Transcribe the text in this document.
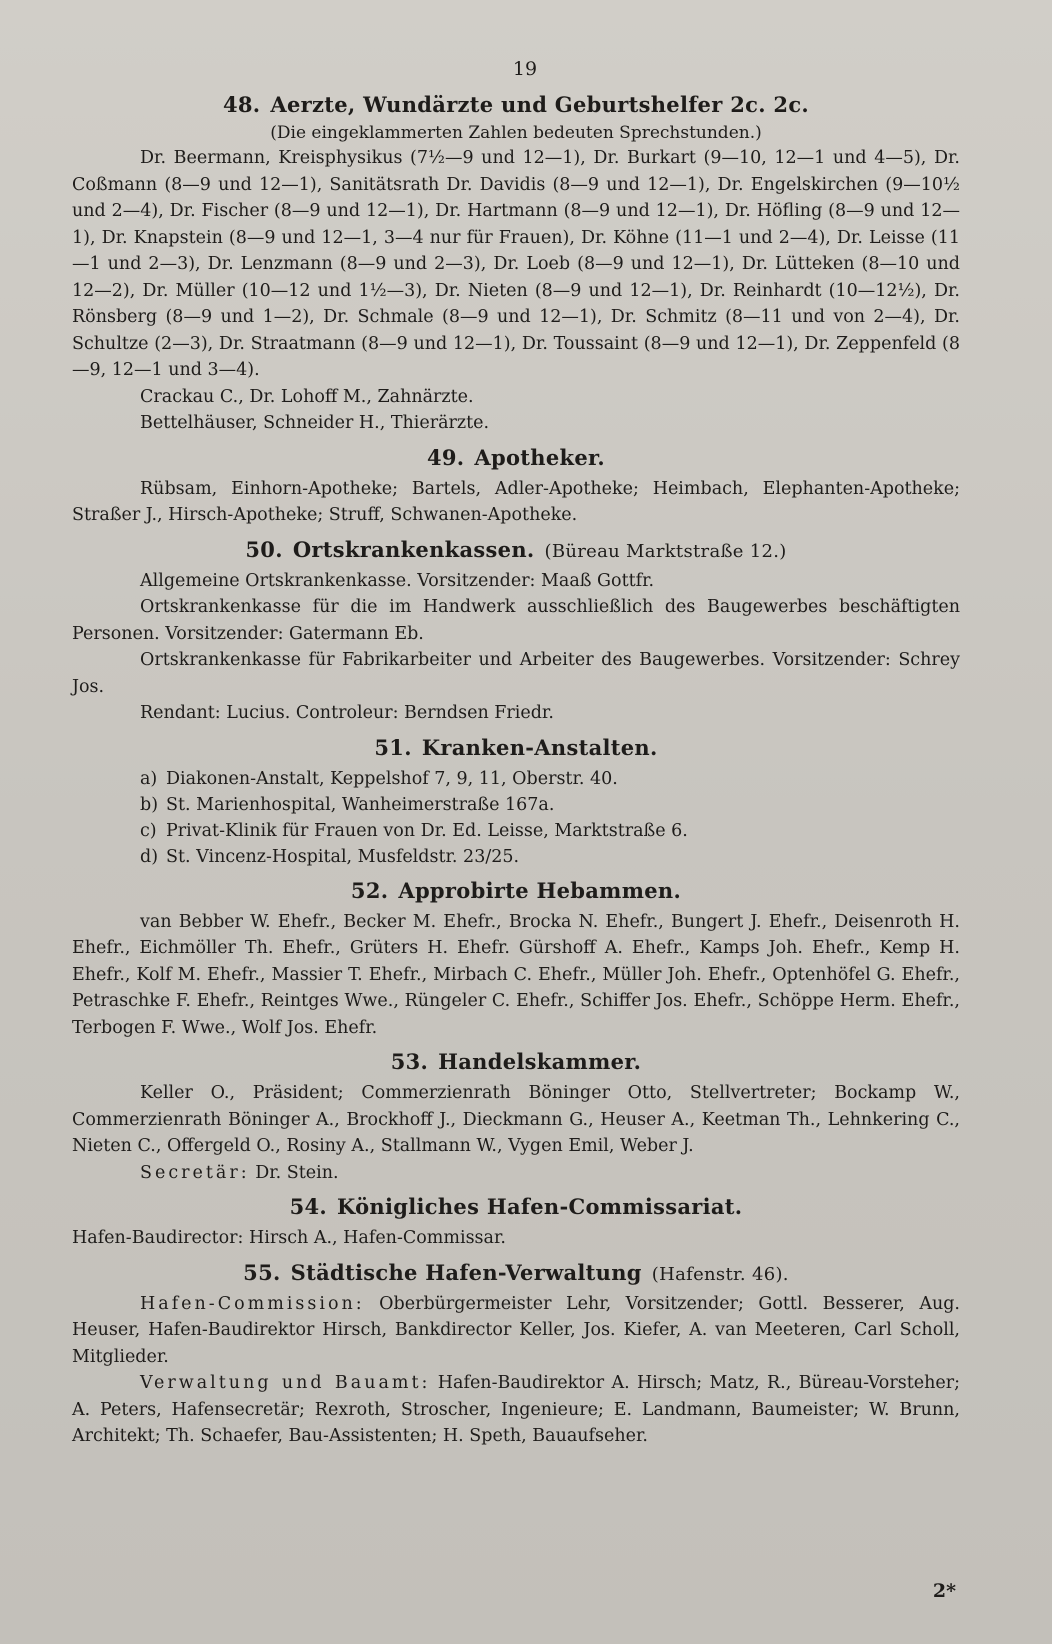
19
48. Aerzte, Wundärzte und Geburtshelfer 2c. 2c.
(Die eingeklammerten Zahlen bedeuten Sprechstunden.)

Dr. Beermann, Kreisphysikus (7½—9 und 12—1), Dr. Burkart (9—10, 12—1 und 4—5), Dr. Coßmann (8—9 und 12—1), Sanitätsrath Dr. Davidis (8—9 und 12—1), Dr. Engelskirchen (9—10½ und 2—4), Dr. Fischer (8—9 und 12—1), Dr. Hartmann (8—9 und 12—1), Dr. Höfling (8—9 und 12—1), Dr. Knapstein (8—9 und 12—1, 3—4 nur für Frauen), Dr. Köhne (11—1 und 2—4), Dr. Leisse (11—1 und 2—3), Dr. Lenzmann (8—9 und 2—3), Dr. Loeb (8—9 und 12—1), Dr. Lütteken (8—10 und 12—2), Dr. Müller (10—12 und 1½—3), Dr. Nieten (8—9 und 12—1), Dr. Reinhardt (10—12½), Dr. Rönsberg (8—9 und 1—2), Dr. Schmale (8—9 und 12—1), Dr. Schmitz (8—11 und von 2—4), Dr. Schultze (2—3), Dr. Straatmann (8—9 und 12—1), Dr. Toussaint (8—9 und 12—1), Dr. Zeppenfeld (8—9, 12—1 und 3—4).

Crackau C., Dr. Lohoff M., Zahnärzte.

Bettelhäuser, Schneider H., Thierärzte.

49. Apotheker.

Rübsam, Einhorn-Apotheke; Bartels, Adler-Apotheke; Heimbach, Elephanten-Apotheke; Straßer J., Hirsch-Apotheke; Struff, Schwanen-Apotheke.

50. Ortskrankenkassen. (Büreau Marktstraße 12.)

Allgemeine Ortskrankenkasse. Vorsitzender: Maaß Gottfr.

Ortskrankenkasse für die im Handwerk ausschließlich des Baugewerbes beschäftigten Personen. Vorsitzender: Gatermann Eb.

Ortskrankenkasse für Fabrikarbeiter und Arbeiter des Baugewerbes. Vorsitzender: Schrey Jos.

Rendant: Lucius. Controleur: Berndsen Friedr.

51. Kranken-Anstalten.
a) Diakonen-Anstalt, Keppelshof 7, 9, 11, Oberstr. 40.
b) St. Marienhospital, Wanheimerstraße 167a.
c) Privat-Klinik für Frauen von Dr. Ed. Leisse, Marktstraße 6.
d) St. Vincenz-Hospital, Musfeldstr. 23/25.
52. Approbirte Hebammen.

van Bebber W. Ehefr., Becker M. Ehefr., Brocka N. Ehefr., Bungert J. Ehefr., Deisenroth H. Ehefr., Eichmöller Th. Ehefr., Grüters H. Ehefr. Gürshoff A. Ehefr., Kamps Joh. Ehefr., Kemp H. Ehefr., Kolf M. Ehefr., Massier T. Ehefr., Mirbach C. Ehefr., Müller Joh. Ehefr., Optenhöfel G. Ehefr., Petraschke F. Ehefr., Reintges Wwe., Rüngeler C. Ehefr., Schiffer Jos. Ehefr., Schöppe Herm. Ehefr., Terbogen F. Wwe., Wolf Jos. Ehefr.

53. Handelskammer.

Keller O., Präsident; Commerzienrath Böninger Otto, Stellvertreter; Bockamp W., Commerzienrath Böninger A., Brockhoff J., Dieckmann G., Heuser A., Keetman Th., Lehnkering C., Nieten C., Offergeld O., Rosiny A., Stallmann W., Vygen Emil, Weber J.

Secretär: Dr. Stein.

54. Königliches Hafen-Commissariat.

Hafen-Baudirector: Hirsch A., Hafen-Commissar.

55. Städtische Hafen-Verwaltung (Hafenstr. 46).

Hafen-Commission: Oberbürgermeister Lehr, Vorsitzender; Gottl. Besserer, Aug. Heuser, Hafen-Baudirektor Hirsch, Bankdirector Keller, Jos. Kiefer, A. van Meeteren, Carl Scholl, Mitglieder.

Verwaltung und Bauamt: Hafen-Baudirektor A. Hirsch; Matz, R., Büreau-Vorsteher; A. Peters, Hafensecretär; Rexroth, Stroscher, Ingenieure; E. Landmann, Baumeister; W. Brunn, Architekt; Th. Schaefer, Bau-Assistenten; H. Speth, Bauaufseher.

2*
